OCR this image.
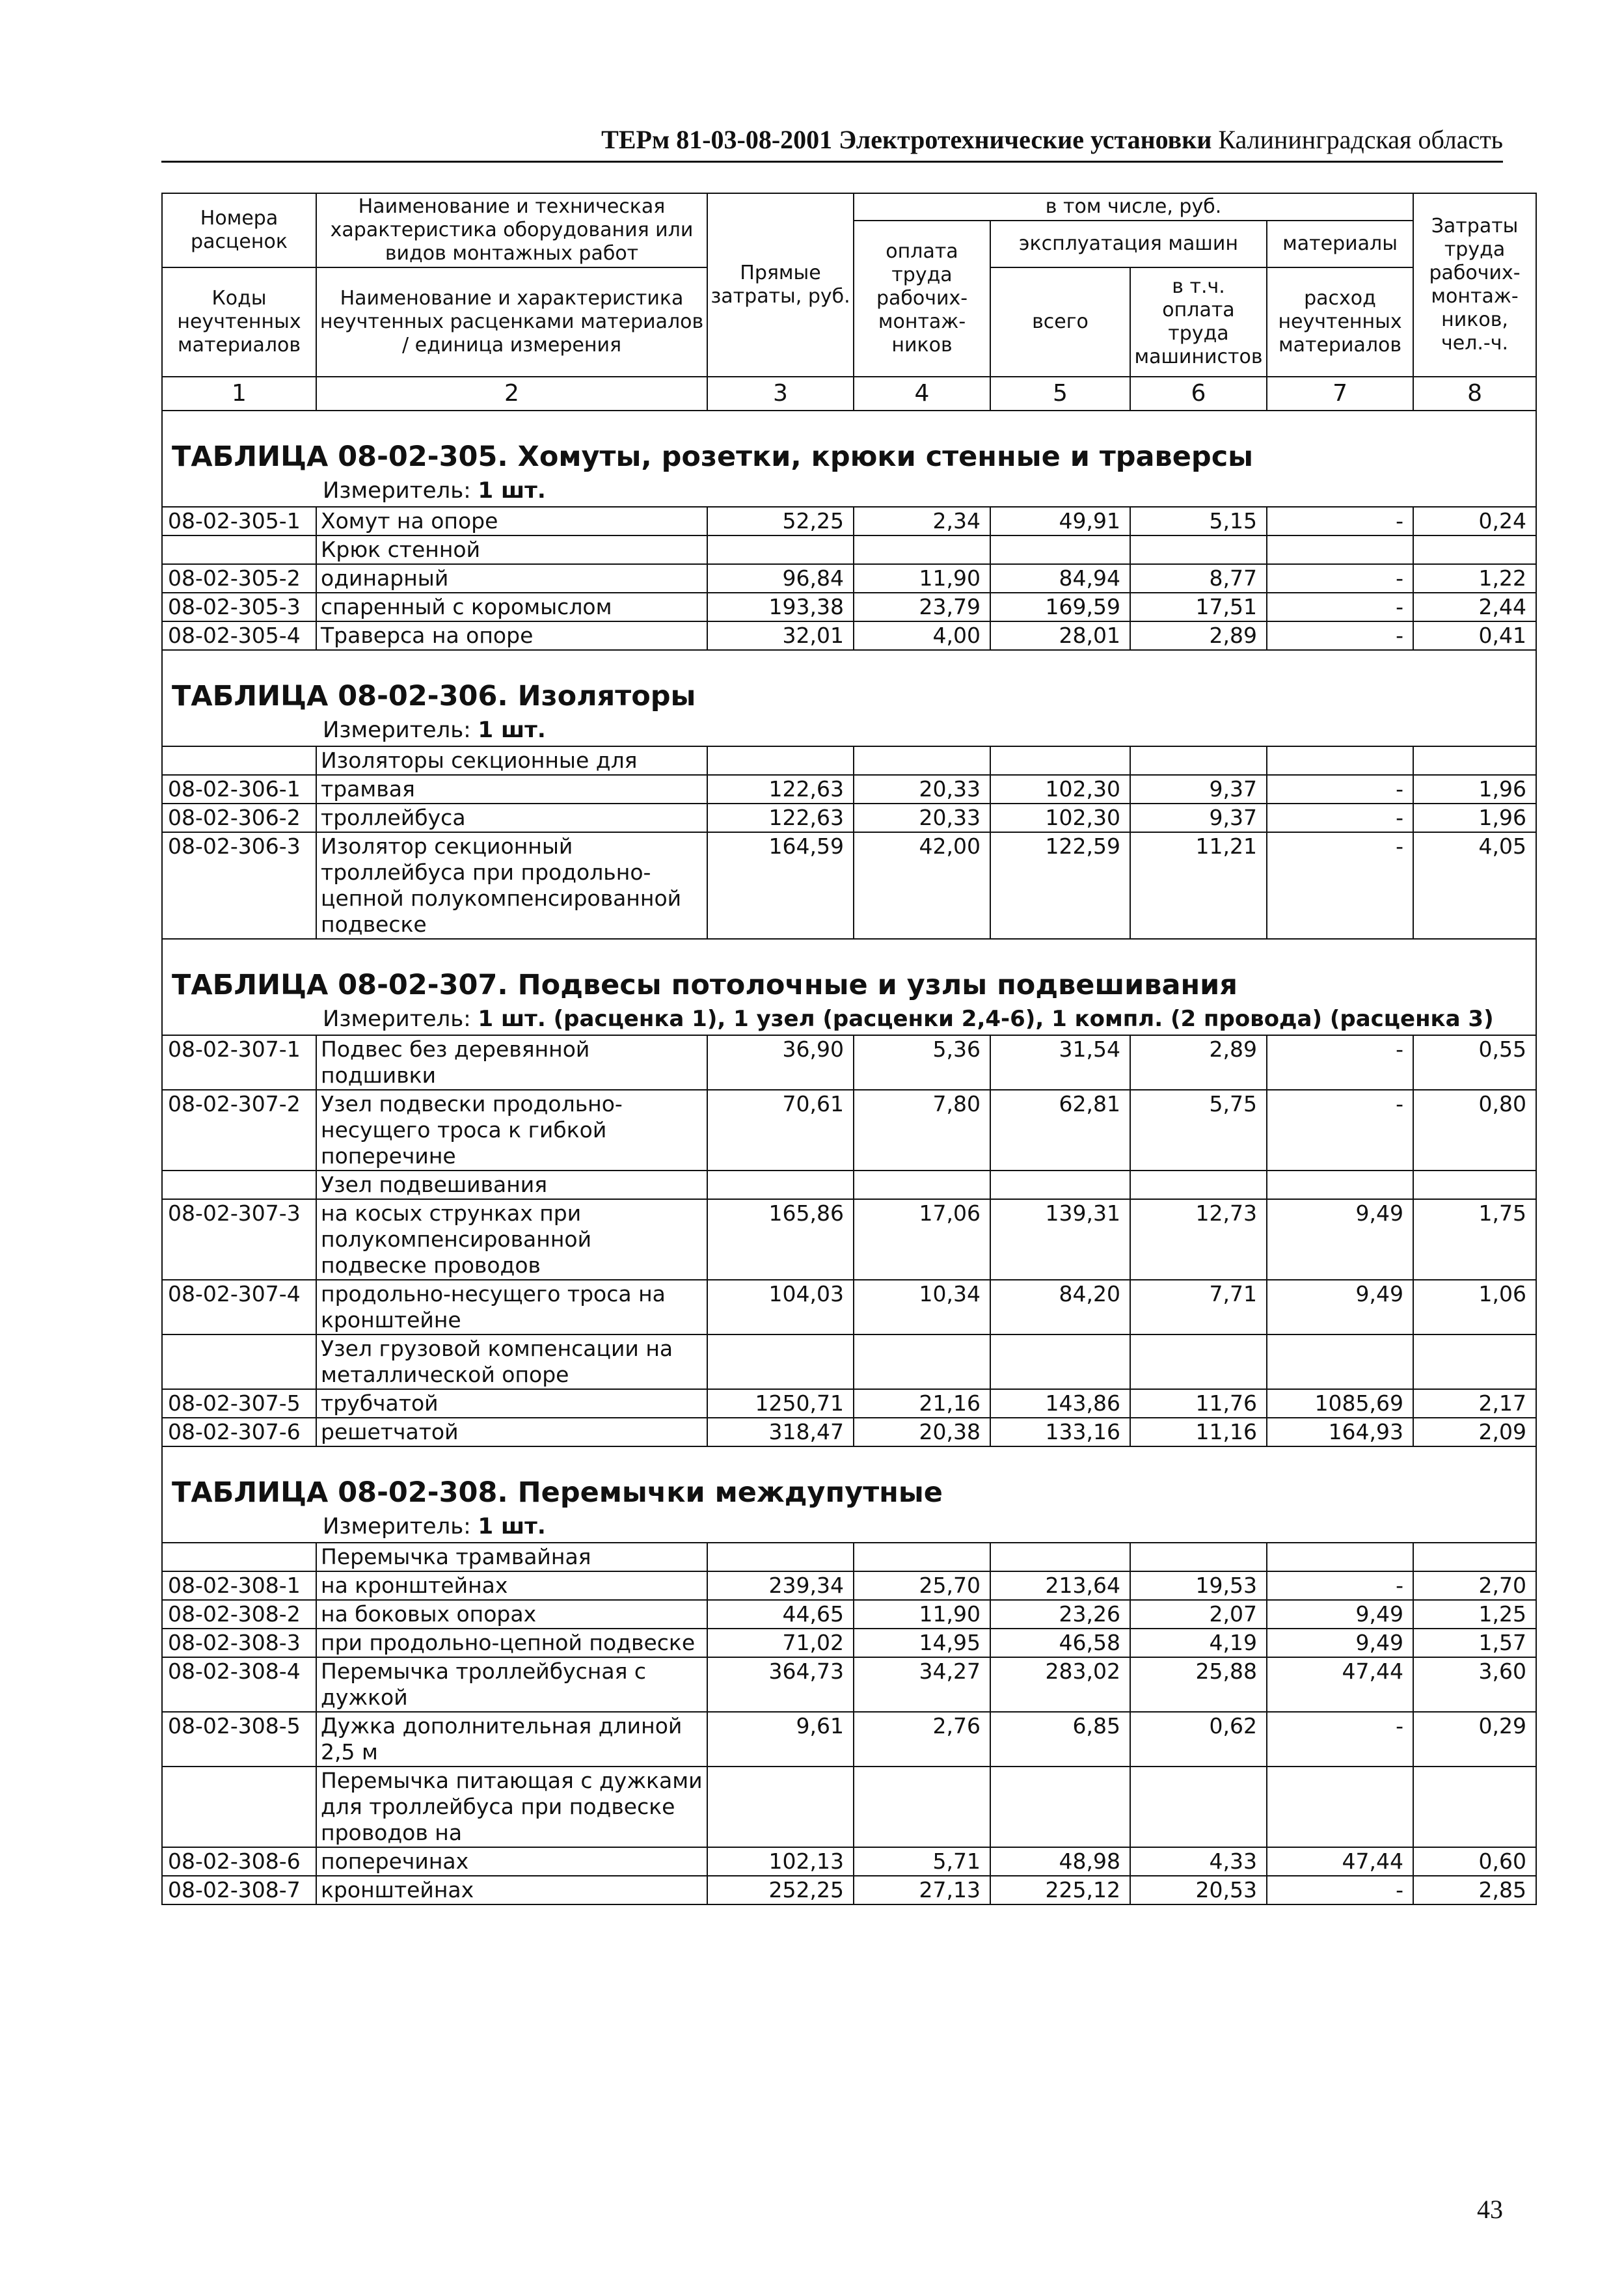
ТЕРм 81-03-08-2001 Электротехнические установки Калининградская область
Номера расценок	Наименование и техническая характеристика оборудования или видов монтажных работ	Прямые затраты, руб.	в том числе, руб.				Затраты труда рабочих-монтаж-ников, чел.-ч.
			оплата труда рабочих-монтаж-ников	эксплуатация машин		материалы	
Коды неучтенных материалов	Наименование и характеристика неучтенных расценками материалов / единица измерения			всего	в т.ч. оплата труда машинистов	расход неучтенных материалов	

1	2	3	4	5	6	7	8
ТАБЛИЦА 08-02-305. Хомуты, розетки, крюки стенные и траверсы							
Измеритель: 1 шт.							
08-02-305-1	Хомут на опоре	52,25	2,34	49,91	5,15	-	0,24
	Крюк стенной						
08-02-305-2	одинарный	96,84	11,90	84,94	8,77	-	1,22
08-02-305-3	спаренный с коромыслом	193,38	23,79	169,59	17,51	-	2,44
08-02-305-4	Траверса на опоре	32,01	4,00	28,01	2,89	-	0,41
ТАБЛИЦА 08-02-306. Изоляторы							
Измеритель: 1 шт.							
	Изоляторы секционные для						
08-02-306-1	трамвая	122,63	20,33	102,30	9,37	-	1,96
08-02-306-2	троллейбуса	122,63	20,33	102,30	9,37	-	1,96
08-02-306-3	Изолятор секционный троллейбуса при продольно-цепной полукомпенсированной подвеске	164,59	42,00	122,59	11,21	-	4,05
ТАБЛИЦА 08-02-307. Подвесы потолочные и узлы подвешивания							
Измеритель: 1 шт. (расценка 1), 1 узел (расценки 2,4-6), 1 компл. (2 провода) (расценка 3)							
08-02-307-1	Подвес без деревянной подшивки	36,90	5,36	31,54	2,89	-	0,55
08-02-307-2	Узел подвески продольно-несущего троса к гибкой поперечине	70,61	7,80	62,81	5,75	-	0,80
	Узел подвешивания						
08-02-307-3	на косых струнках при полукомпенсированной подвеске проводов	165,86	17,06	139,31	12,73	9,49	1,75
08-02-307-4	продольно-несущего троса на кронштейне	104,03	10,34	84,20	7,71	9,49	1,06
	Узел грузовой компенсации на металлической опоре						
08-02-307-5	трубчатой	1250,71	21,16	143,86	11,76	1085,69	2,17
08-02-307-6	решетчатой	318,47	20,38	133,16	11,16	164,93	2,09
ТАБЛИЦА 08-02-308. Перемычки междупутные							
Измеритель: 1 шт.							
	Перемычка трамвайная						
08-02-308-1	на кронштейнах	239,34	25,70	213,64	19,53	-	2,70
08-02-308-2	на боковых опорах	44,65	11,90	23,26	2,07	9,49	1,25
08-02-308-3	при продольно-цепной подвеске	71,02	14,95	46,58	4,19	9,49	1,57
08-02-308-4	Перемычка троллейбусная с дужкой	364,73	34,27	283,02	25,88	47,44	3,60
08-02-308-5	Дужка дополнительная длиной 2,5 м	9,61	2,76	6,85	0,62	-	0,29
	Перемычка питающая с дужками для троллейбуса при подвеске проводов на						
08-02-308-6	поперечинах	102,13	5,71	48,98	4,33	47,44	0,60
08-02-308-7	кронштейнах	252,25	27,13	225,12	20,53	-	2,85
43
